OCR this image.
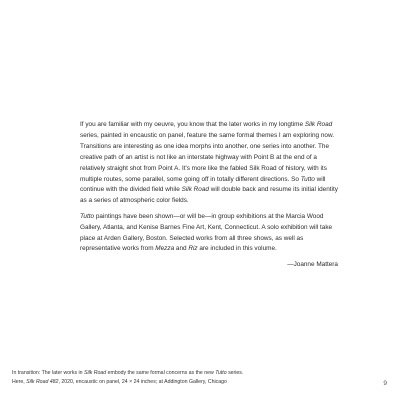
If you are familiar with my oeuvre, you know that the later works in my longtime Silk Road series, painted in encaustic on panel, feature the same formal themes I am exploring now. Transitions are interesting as one idea morphs into another, one series into another. The creative path of an artist is not like an interstate highway with Point B at the end of a relatively straight shot from Point A. It's more like the fabled Silk Road of history, with its multiple routes, some parallel, some going off in totally different directions. So Tutto will continue with the divided field while Silk Road will double back and resume its initial identity as a series of atmospheric color fields.

Tutto paintings have been shown—or will be—in group exhibitions at the Marcia Wood Gallery, Atlanta, and Kenise Barnes Fine Art, Kent, Connecticut. A solo exhibition will take place at Arden Gallery, Boston. Selected works from all three shows, as well as representative works from Mezza and Riz are included in this volume.

—Joanne Mattera

In transition: The later works in Silk Road embody the same formal concerns as the new Tutto series.
Here, Silk Road 482, 2020, encaustic on panel, 24 × 24 inches; at Addington Gallery, Chicago	9
